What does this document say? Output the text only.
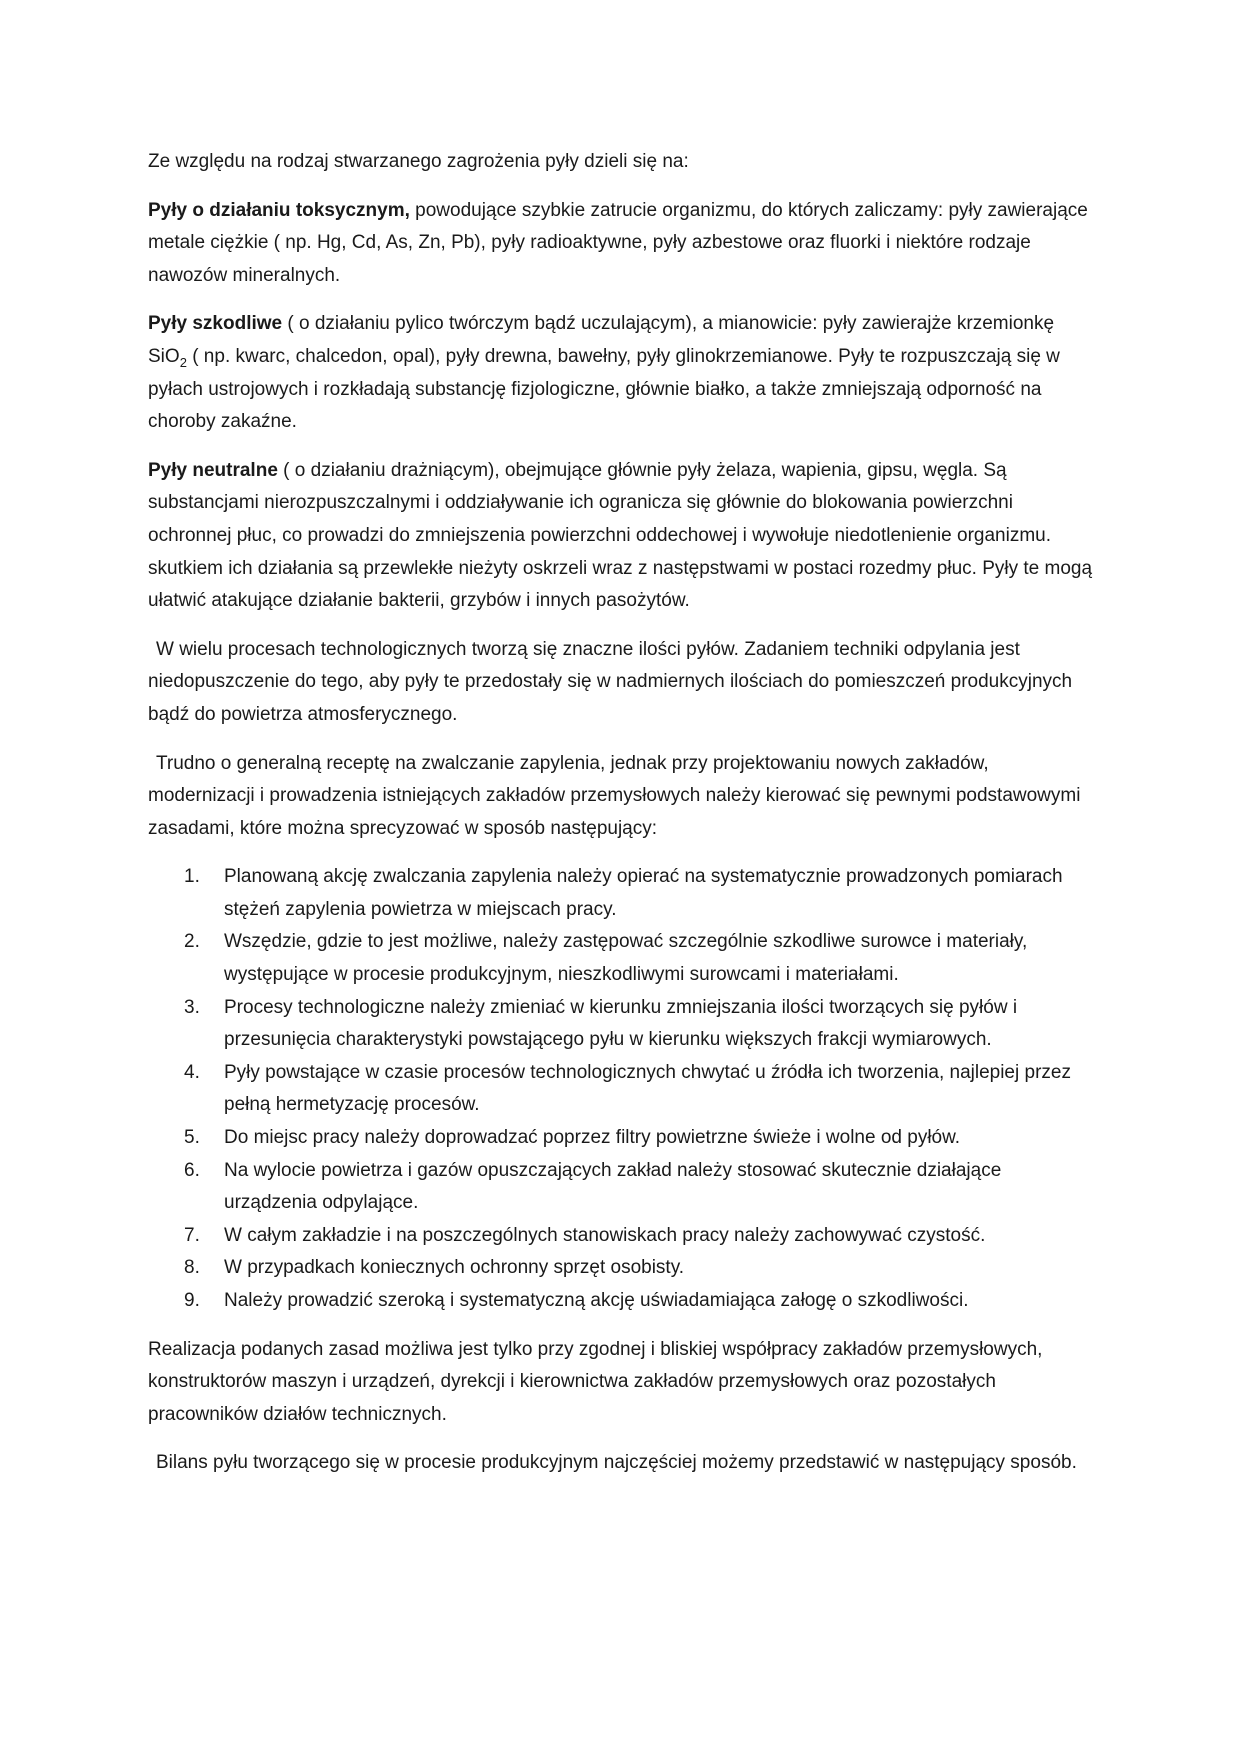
Ze względu na rodzaj stwarzanego zagrożenia pyły dzieli się na:

Pyły o działaniu toksycznym, powodujące szybkie zatrucie organizmu, do których zaliczamy: pyły zawierające metale ciężkie ( np. Hg, Cd, As, Zn, Pb), pyły radioaktywne, pyły azbestowe oraz fluorki i niektóre rodzaje nawozów mineralnych.

Pyły szkodliwe ( o działaniu pylico twórczym bądź uczulającym), a mianowicie: pyły zawierajże krzemionkę SiO$_2$ ( np. kwarc, chalcedon, opal), pyły drewna, bawełny, pyły glinokrzemianowe. Pyły te rozpuszczają się w pyłach ustrojowych i rozkładają substancję fizjologiczne, głównie białko, a także zmniejszają odporność na choroby zakaźne.

Pyły neutralne ( o działaniu drażniącym), obejmujące głównie pyły żelaza, wapienia, gipsu, węgla. Są substancjami nierozpuszczalnymi i oddziaływanie ich ogranicza się głównie do blokowania powierzchni ochronnej płuc, co prowadzi do zmniejszenia powierzchni oddechowej i wywołuje niedotlenienie organizmu. skutkiem ich działania są przewlekłe nieżyty oskrzeli wraz z następstwami w postaci rozedmy płuc. Pyły te mogą ułatwić atakujące działanie bakterii, grzybów i innych pasożytów.

W wielu procesach technologicznych tworzą się znaczne ilości pyłów. Zadaniem techniki odpylania jest niedopuszczenie do tego, aby pyły te przedostały się w nadmiernych ilościach do pomieszczeń produkcyjnych bądź do powietrza atmosferycznego.

Trudno o generalną receptę na zwalczanie zapylenia, jednak przy projektowaniu nowych zakładów, modernizacji i prowadzenia istniejących zakładów przemysłowych należy kierować się pewnymi podstawowymi zasadami, które można sprecyzować w sposób następujący:

1. Planowaną akcję zwalczania zapylenia należy opierać na systematycznie prowadzonych pomiarach stężeń zapylenia powietrza w miejscach pracy.
2. Wszędzie, gdzie to jest możliwe, należy zastępować szczególnie szkodliwe surowce i materiały, występujące w procesie produkcyjnym, nieszkodliwymi surowcami i materiałami.
3. Procesy technologiczne należy zmieniać w kierunku zmniejszania ilości tworzących się pyłów i przesunięcia charakterystyki powstającego pyłu w kierunku większych frakcji wymiarowych.
4. Pyły powstające w czasie procesów technologicznych chwytać u źródła ich tworzenia, najlepiej przez pełną hermetyzację procesów.
5. Do miejsc pracy należy doprowadzać poprzez filtry powietrzne świeże i wolne od pyłów.
6. Na wylocie powietrza i gazów opuszczających zakład należy stosować skutecznie działające urządzenia odpylające.
7. W całym zakładzie i na poszczególnych stanowiskach pracy należy zachowywać czystość.
8. W przypadkach koniecznych ochronny sprzęt osobisty.
9. Należy prowadzić szeroką i systematyczną akcję uświadamiająca załogę o szkodliwości.

Realizacja podanych zasad możliwa jest tylko przy zgodnej i bliskiej współpracy zakładów przemysłowych, konstruktorów maszyn i urządzeń, dyrekcji i kierownictwa zakładów przemysłowych oraz pozostałych pracowników działów technicznych.

Bilans pyłu tworzącego się w procesie produkcyjnym najczęściej możemy przedstawić w następujący sposób.
